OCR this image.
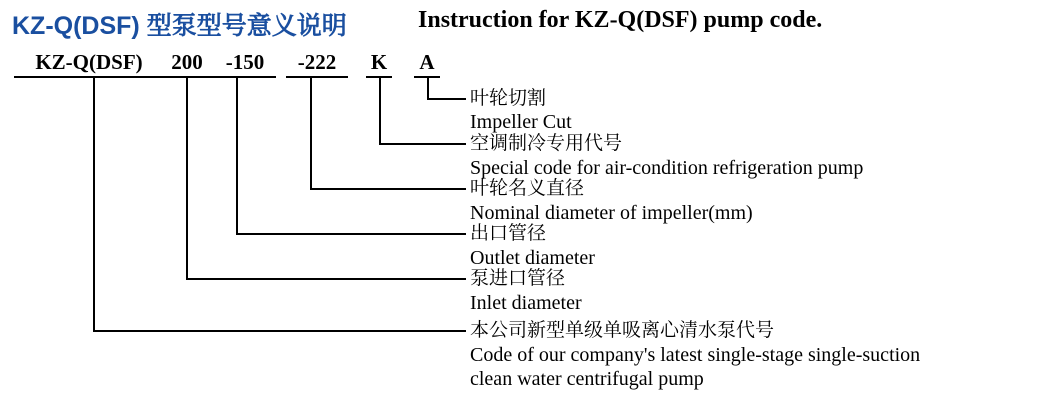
KZ-Q(DSF) 型泵型号意义说明	Instruction for KZ-Q(DSF) pump code.
KZ-Q(DSF)	200	-150	-222	K A
叶轮切割
Impeller Cut
空调制冷专用代号
Special code for air-condition refrigeration pump
叶轮名义直径
Nominal diameter of impeller(mm)
出口管径
Outlet diameter
泵进口管径
Inlet diameter
本公司新型单级单吸离心清水泵代号
Code of our company's latest single-stage single-suction
clean water centrifugal pump
